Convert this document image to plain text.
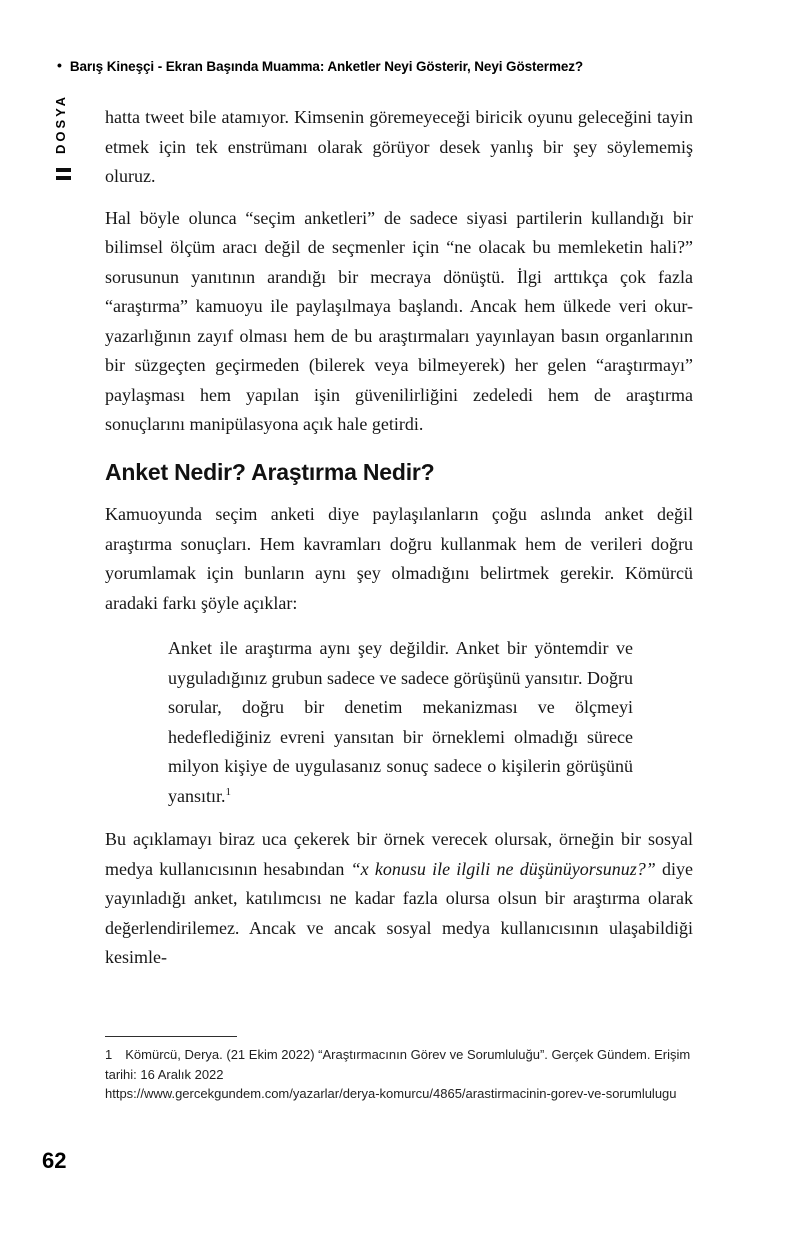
• Barış Kineşçi - Ekran Başında Muamma: Anketler Neyi Gösterir, Neyi Göstermez?
DOSYA hatta tweet bile atamıyor. Kimsenin göremeyeceği biricik oyunu geleceğini tayin etmek için tek enstrümanı olarak görüyor desek yanlış bir şey söylememiş oluruz.

Hal böyle olunca “seçim anketleri” de sadece siyasi partilerin kullandığı bir bilimsel ölçüm aracı değil de seçmenler için “ne olacak bu memleketin hali?” sorusunun yanıtının arandığı bir mecraya dönüştü. İlgi arttıkça çok fazla “araştırma” kamuoyu ile paylaşılmaya başlandı. Ancak hem ülkede veri okur-yazarlığının zayıf olması hem de bu araştırmaları yayınlayan basın organlarının bir süzgeçten geçirmeden (bilerek veya bilmeyerek) her gelen “araştırmayı” paylaşması hem yapılan işin güvenilirliğini zedeledi hem de araştırma sonuçlarını manipülasyona açık hale getirdi.

Anket Nedir? Araştırma Nedir?

Kamuoyunda seçim anketi diye paylaşılanların çoğu aslında anket değil araştırma sonuçları. Hem kavramları doğru kullanmak hem de verileri doğru yorumlamak için bunların aynı şey olmadığını belirtmek gerekir. Kömürcü aradaki farkı şöyle açıklar:

Anket ile araştırma aynı şey değildir. Anket bir yöntemdir ve uyguladığınız grubun sadece ve sadece görüşünü yansıtır. Doğru sorular, doğru bir denetim mekanizması ve ölçmeyi hedeflediğiniz evreni yansıtan bir örneklemi olmadığı sürece milyon kişiye de uygulasanız sonuç sadece o kişilerin görüşünü yansıtır.$^1$

Bu açıklamayı biraz uca çekerek bir örnek verecek olursak, örneğin bir sosyal medya kullanıcısının hesabından “x konusu ile ilgili ne düşünüyorsunuz?” diye yayınladığı anket, katılımcısı ne kadar fazla olursa olsun bir araştırma olarak değerlendirilemez. Ancak ve ancak sosyal medya kullanıcısının ulaşabildiği kesimle-

1 Kömürcü, Derya. (21 Ekim 2022) “Araştırmacının Görev ve Sorumluluğu”. Gerçek Gündem. Erişim tarihi: 16 Aralık 2022
https://www.gercekgundem.com/yazarlar/derya-komurcu/4865/arastirmacinin-gorev-ve-sorumlulugu
62
